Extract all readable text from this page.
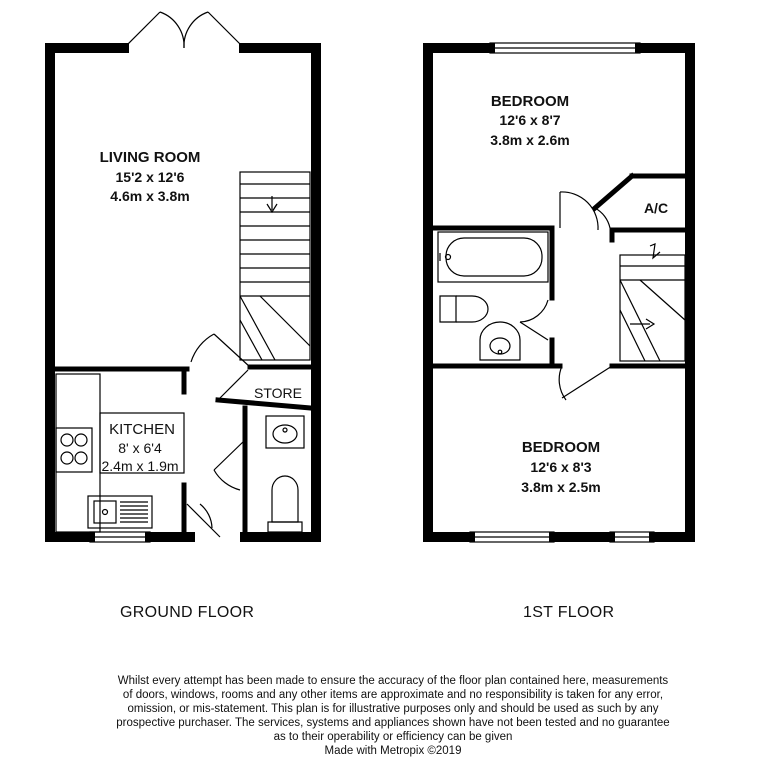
LIVING ROOM
15'2 x 12'6
4.6m x 3.8m
KITCHEN
8' x 6'4
2.4m x 1.9m
STORE
BEDROOM
12'6 x 8'7
3.8m x 2.6m
A/C
BEDROOM
12'6 x 8'3
3.8m x 2.5m
GROUND FLOOR	1ST FLOOR
Whilst every attempt has been made to ensure the accuracy of the floor plan contained here, measurements
of doors, windows, rooms and any other items are approximate and no responsibility is taken for any error,
omission, or mis-statement. This plan is for illustrative purposes only and should be used as such by any
prospective purchaser. The services, systems and appliances shown have not been tested and no guarantee
as to their operability or efficiency can be given
Made with Metropix ©2019
